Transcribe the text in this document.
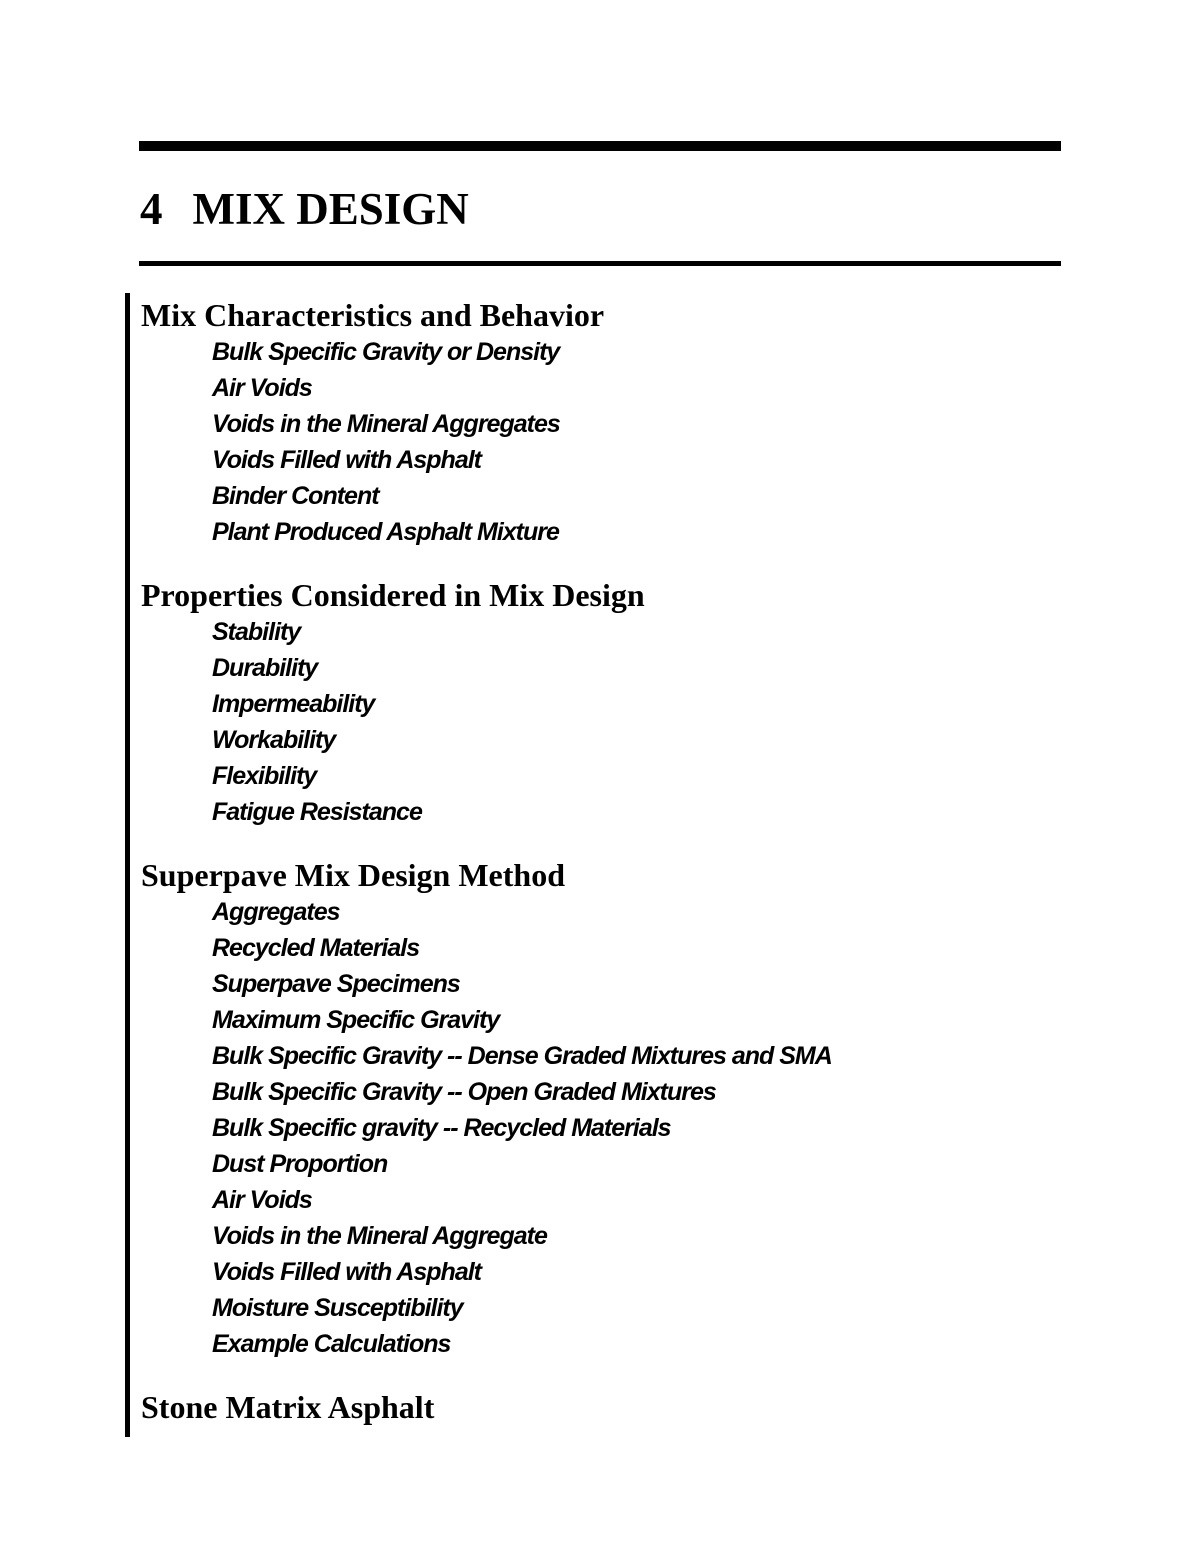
4 MIX DESIGN
Mix Characteristics and Behavior
Bulk Specific Gravity or Density
Air Voids
Voids in the Mineral Aggregates
Voids Filled with Asphalt
Binder Content
Plant Produced Asphalt Mixture
Properties Considered in Mix Design
Stability
Durability
Impermeability
Workability
Flexibility
Fatigue Resistance
Superpave Mix Design Method
Aggregates
Recycled Materials
Superpave Specimens
Maximum Specific Gravity
Bulk Specific Gravity -- Dense Graded Mixtures and SMA
Bulk Specific Gravity -- Open Graded Mixtures
Bulk Specific gravity -- Recycled Materials
Dust Proportion
Air Voids
Voids in the Mineral Aggregate
Voids Filled with Asphalt
Moisture Susceptibility
Example Calculations
Stone Matrix Asphalt
